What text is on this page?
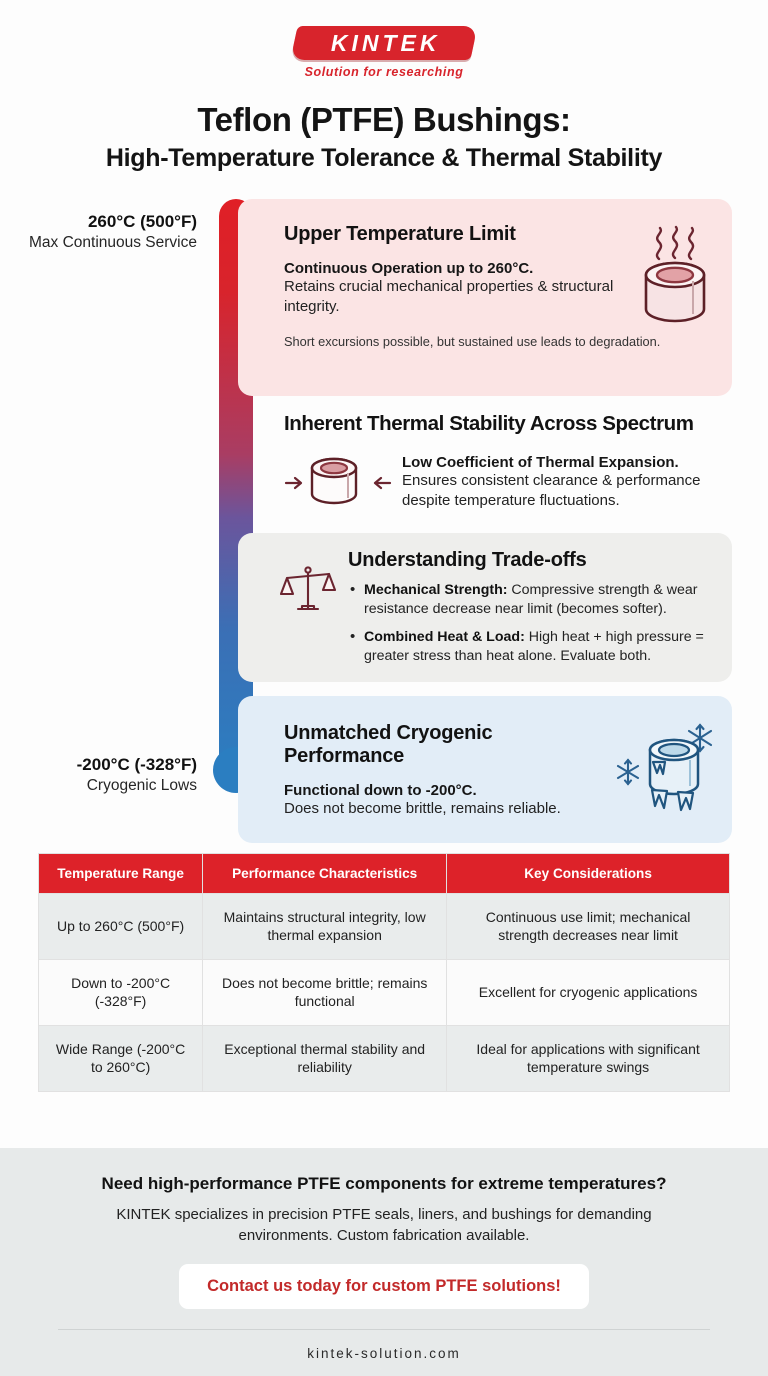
KINTEK
Solution for researching
Teflon (PTFE) Bushings:
High-Temperature Tolerance & Thermal Stability
260°C (500°F)
Max Continuous Service
-200°C (-328°F)
Cryogenic Lows
Upper Temperature Limit
Continuous Operation up to 260°C.
Retains crucial mechanical properties & structural integrity.
Short excursions possible, but sustained use leads to degradation.
Inherent Thermal Stability Across Spectrum
Low Coefficient of Thermal Expansion.
Ensures consistent clearance & performance despite temperature fluctuations.
Understanding Trade-offs
• Mechanical Strength: Compressive strength & wear resistance decrease near limit (becomes softer).
• Combined Heat & Load: High heat + high pressure = greater stress than heat alone. Evaluate both.
Unmatched Cryogenic Performance
Functional down to -200°C.
Does not become brittle, remains reliable.
Temperature Range	Performance Characteristics	Key Considerations
Up to 260°C (500°F)	Maintains structural integrity, low thermal expansion	Continuous use limit; mechanical strength decreases near limit
Down to -200°C (-328°F)	Does not become brittle; remains functional	Excellent for cryogenic applications
Wide Range (-200°C to 260°C)	Exceptional thermal stability and reliability	Ideal for applications with significant temperature swings
Need high-performance PTFE components for extreme temperatures?
KINTEK specializes in precision PTFE seals, liners, and bushings for demanding environments. Custom fabrication available.
Contact us today for custom PTFE solutions!
kintek-solution.com
